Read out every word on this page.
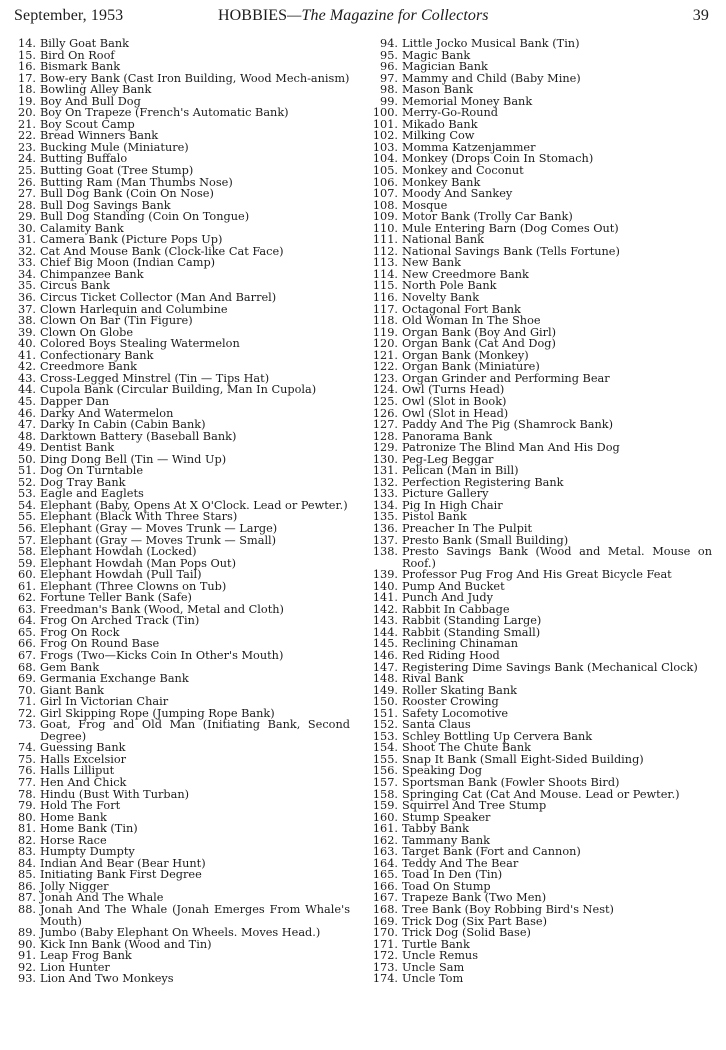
September, 1953	HOBBIES—The Magazine for Collectors	39
14. Billy Goat Bank
15. Bird On Roof
16. Bismark Bank
17. Bow-ery Bank (Cast Iron Building, Wood Mech-anism)
18. Bowling Alley Bank
19. Boy And Bull Dog
20. Boy On Trapeze (French's Automatic Bank)
21. Boy Scout Camp
22. Bread Winners Bank
23. Bucking Mule (Miniature)
24. Butting Buffalo
25. Butting Goat (Tree Stump)
26. Butting Ram (Man Thumbs Nose)
27. Bull Dog Bank (Coin On Nose)
28. Bull Dog Savings Bank
29. Bull Dog Standing (Coin On Tongue)
30. Calamity Bank
31. Camera Bank (Picture Pops Up)
32. Cat And Mouse Bank (Clock-like Cat Face)
33. Chief Big Moon (Indian Camp)
34. Chimpanzee Bank
35. Circus Bank
36. Circus Ticket Collector (Man And Barrel)
37. Clown Harlequin and Columbine
38. Clown On Bar (Tin Figure)
39. Clown On Globe
40. Colored Boys Stealing Watermelon
41. Confectionary Bank
42. Creedmore Bank
43. Cross-Legged Minstrel (Tin — Tips Hat)
44. Cupola Bank (Circular Building, Man In Cupola)
45. Dapper Dan
46. Darky And Watermelon
47. Darky In Cabin (Cabin Bank)
48. Darktown Battery (Baseball Bank)
49. Dentist Bank
50. Ding Dong Bell (Tin — Wind Up)
51. Dog On Turntable
52. Dog Tray Bank
53. Eagle and Eaglets
54. Elephant (Baby, Opens At X O'Clock. Lead or Pewter.)
55. Elephant (Black With Three Stars)
56. Elephant (Gray — Moves Trunk — Large)
57. Elephant (Gray — Moves Trunk — Small)
58. Elephant Howdah (Locked)
59. Elephant Howdah (Man Pops Out)
60. Elephant Howdah (Pull Tail)
61. Elephant (Three Clowns on Tub)
62. Fortune Teller Bank (Safe)
63. Freedman's Bank (Wood, Metal and Cloth)
64. Frog On Arched Track (Tin)
65. Frog On Rock
66. Frog On Round Base
67. Frogs (Two—Kicks Coin In Other's Mouth)
68. Gem Bank
69. Germania Exchange Bank
70. Giant Bank
71. Girl In Victorian Chair
72. Girl Skipping Rope (Jumping Rope Bank)
73. Goat, Frog and Old Man (Initiating Bank, Second Degree)
74. Guessing Bank
75. Halls Excelsior
76. Halls Lilliput
77. Hen And Chick
78. Hindu (Bust With Turban)
79. Hold The Fort
80. Home Bank
81. Home Bank (Tin)
82. Horse Race
83. Humpty Dumpty
84. Indian And Bear (Bear Hunt)
85. Initiating Bank First Degree
86. Jolly Nigger
87. Jonah And The Whale
88. Jonah And The Whale (Jonah Emerges From Whale's Mouth)
89. Jumbo (Baby Elephant On Wheels. Moves Head.)
90. Kick Inn Bank (Wood and Tin)
91. Leap Frog Bank
92. Lion Hunter
93. Lion And Two Monkeys
94. Little Jocko Musical Bank (Tin)
95. Magic Bank
96. Magician Bank
97. Mammy and Child (Baby Mine)
98. Mason Bank
99. Memorial Money Bank
100. Merry-Go-Round
101. Mikado Bank
102. Milking Cow
103. Momma Katzenjammer
104. Monkey (Drops Coin In Stomach)
105. Monkey and Coconut
106. Monkey Bank
107. Moody And Sankey
108. Mosque
109. Motor Bank (Trolly Car Bank)
110. Mule Entering Barn (Dog Comes Out)
111. National Bank
112. National Savings Bank (Tells Fortune)
113. New Bank
114. New Creedmore Bank
115. North Pole Bank
116. Novelty Bank
117. Octagonal Fort Bank
118. Old Woman In The Shoe
119. Organ Bank (Boy And Girl)
120. Organ Bank (Cat And Dog)
121. Organ Bank (Monkey)
122. Organ Bank (Miniature)
123. Organ Grinder and Performing Bear
124. Owl (Turns Head)
125. Owl (Slot in Book)
126. Owl (Slot in Head)
127. Paddy And The Pig (Shamrock Bank)
128. Panorama Bank
129. Patronize The Blind Man And His Dog
130. Peg-Leg Beggar
131. Pelican (Man in Bill)
132. Perfection Registering Bank
133. Picture Gallery
134. Pig In High Chair
135. Pistol Bank
136. Preacher In The Pulpit
137. Presto Bank (Small Building)
138. Presto Savings Bank (Wood and Metal. Mouse on Roof.)
139. Professor Pug Frog And His Great Bicycle Feat
140. Pump And Bucket
141. Punch And Judy
142. Rabbit In Cabbage
143. Rabbit (Standing Large)
144. Rabbit (Standing Small)
145. Reclining Chinaman
146. Red Riding Hood
147. Registering Dime Savings Bank (Mechanical Clock)
148. Rival Bank
149. Roller Skating Bank
150. Rooster Crowing
151. Safety Locomotive
152. Santa Claus
153. Schley Bottling Up Cervera Bank
154. Shoot The Chute Bank
155. Snap It Bank (Small Eight-Sided Building)
156. Speaking Dog
157. Sportsman Bank (Fowler Shoots Bird)
158. Springing Cat (Cat And Mouse. Lead or Pewter.)
159. Squirrel And Tree Stump
160. Stump Speaker
161. Tabby Bank
162. Tammany Bank
163. Target Bank (Fort and Cannon)
164. Teddy And The Bear
165. Toad In Den (Tin)
166. Toad On Stump
167. Trapeze Bank (Two Men)
168. Tree Bank (Boy Robbing Bird's Nest)
169. Trick Dog (Six Part Base)
170. Trick Dog (Solid Base)
171. Turtle Bank
172. Uncle Remus
173. Uncle Sam
174. Uncle Tom
